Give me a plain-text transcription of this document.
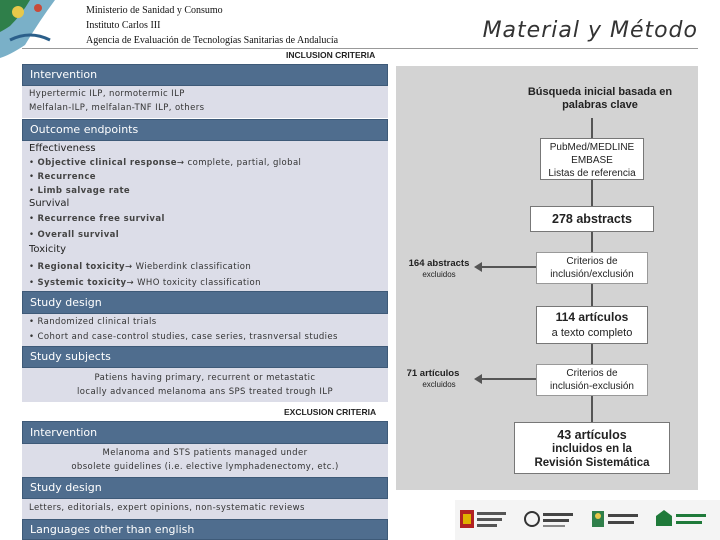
Ministerio de Sanidad y Consumo
Instituto Carlos III
Agencia de Evaluación de Tecnologías Sanitarias de Andalucía	Material y Método
INCLUSION CRITERIA
Intervention
Hypertermic ILP, normotermic ILP
Melfalan-ILP, melfalan-TNF ILP, others
Outcome endpoints
Effectiveness
• Objective clinical response→ complete, partial, global
• Recurrence
• Limb salvage rate
Survival
• Recurrence free survival
• Overall survival
Toxicity
• Regional toxicity→ Wieberdink classification
• Systemic toxicity→ WHO toxicity classification
Study design
• Randomized clinical trials
• Cohort and case-control studies, case series, trasnversal studies
Study subjects
Patiens having primary, recurrent or metastatic
locally advanced melanoma ans SPS treated trough ILP
EXCLUSION CRITERIA
Intervention
Melanoma and STS patients managed under
obsolete guidelines (i.e. elective lymphadenectomy, etc.)
Study design
Letters, editorials, expert opinions, non-systematic reviews
Languages other than english
Búsqueda inicial basada en
palabras clave
PubMed/MEDLINE
EMBASE
Listas de referencia
278 abstracts
Criterios de
inclusión/exclusión
164 abstracts
excluidos
114 artículos
a texto completo
Criterios de
inclusión-exclusión
71 artículos
excluidos
43 artículos
incluidos en la
Revisión Sistemática
